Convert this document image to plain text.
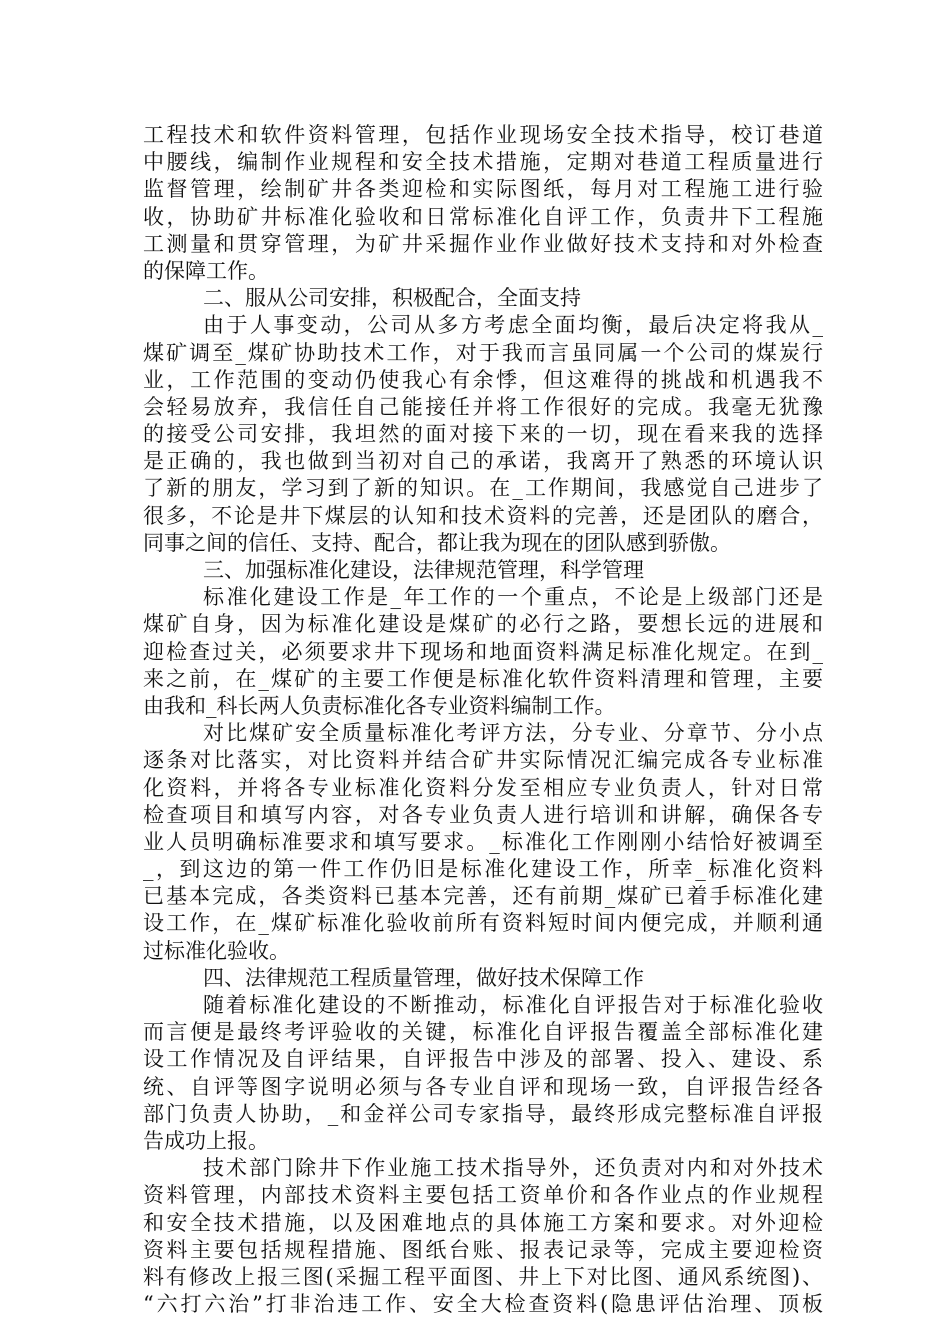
工程技术和软件资料管理，包括作业现场安全技术指导，校订巷道
中腰线，编制作业规程和安全技术措施，定期对巷道工程质量进行
监督管理，绘制矿井各类迎检和实际图纸，每月对工程施工进行验
收，协助矿井标准化验收和日常标准化自评工作，负责井下工程施
工测量和贯穿管理，为矿井采掘作业作业做好技术支持和对外检查
的保障工作。
二、服从公司安排，积极配合，全面支持
由于人事变动，公司从多方考虑全面均衡，最后决定将我从_
煤矿调至_煤矿协助技术工作，对于我而言虽同属一个公司的煤炭行
业，工作范围的变动仍使我心有余悸，但这难得的挑战和机遇我不
会轻易放弃，我信任自己能接任并将工作很好的完成。我毫无犹豫
的接受公司安排，我坦然的面对接下来的一切，现在看来我的选择
是正确的，我也做到当初对自己的承诺，我离开了熟悉的环境认识
了新的朋友，学习到了新的知识。在_工作期间，我感觉自己进步了
很多，不论是井下煤层的认知和技术资料的完善，还是团队的磨合，
同事之间的信任、支持、配合，都让我为现在的团队感到骄傲。
三、加强标准化建设，法律规范管理，科学管理
标准化建设工作是_年工作的一个重点，不论是上级部门还是
煤矿自身，因为标准化建设是煤矿的必行之路，要想长远的进展和
迎检查过关，必须要求井下现场和地面资料满足标准化规定。在到_
来之前，在_煤矿的主要工作便是标准化软件资料清理和管理，主要
由我和_科长两人负责标准化各专业资料编制工作。
对比煤矿安全质量标准化考评方法，分专业、分章节、分小点
逐条对比落实，对比资料并结合矿井实际情况汇编完成各专业标准
化资料，并将各专业标准化资料分发至相应专业负责人，针对日常
检查项目和填写内容，对各专业负责人进行培训和讲解，确保各专
业人员明确标准要求和填写要求。_标准化工作刚刚小结恰好被调至
_，到这边的第一件工作仍旧是标准化建设工作，所幸_标准化资料
已基本完成，各类资料已基本完善，还有前期_煤矿已着手标准化建
设工作，在_煤矿标准化验收前所有资料短时间内便完成，并顺利通
过标准化验收。
四、法律规范工程质量管理，做好技术保障工作
随着标准化建设的不断推动，标准化自评报告对于标准化验收
而言便是最终考评验收的关键，标准化自评报告覆盖全部标准化建
设工作情况及自评结果，自评报告中涉及的部署、投入、建设、系
统、自评等图字说明必须与各专业自评和现场一致，自评报告经各
部门负责人协助，_和金祥公司专家指导，最终形成完整标准自评报
告成功上报。
技术部门除井下作业施工技术指导外，还负责对内和对外技术
资料管理，内部技术资料主要包括工资单价和各作业点的作业规程
和安全技术措施，以及困难地点的具体施工方案和要求。对外迎检
资料主要包括规程措施、图纸台账、报表记录等，完成主要迎检资
料有修改上报三图(采掘工程平面图、井上下对比图、通风系统图)、
“六打六治”打非治违工作、安全大检查资料(隐患评估治理、顶板
